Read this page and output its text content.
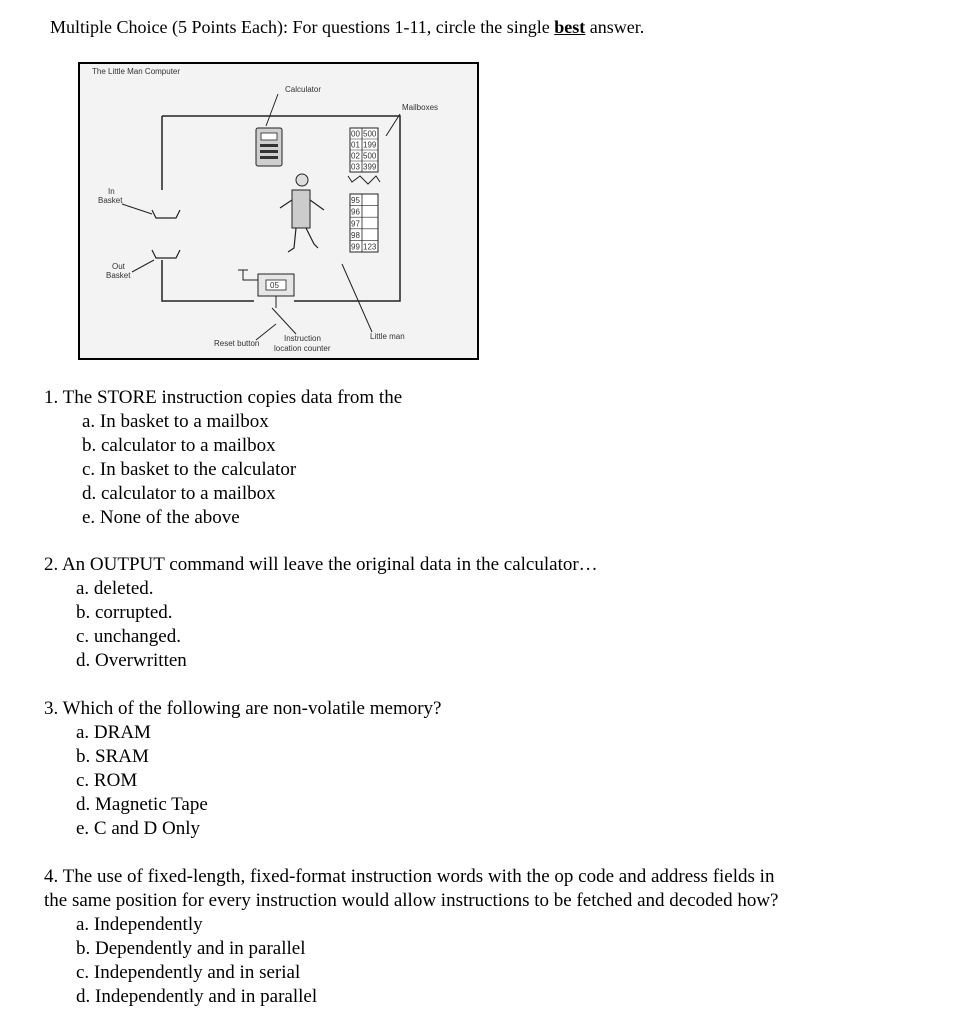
Multiple Choice (5 Points Each): For questions 1-11, circle the single best answer.
The Little Man Computer
Calculator
Mailboxes
In
Basket
Out
Basket
Reset button
Instruction
location counter
Little man
05
00 500
01 199
02 500
03 399
95
96
97
98
99 123
1. The STORE instruction copies data from the
a. In basket to a mailbox
b. calculator to a mailbox
c. In basket to the calculator
d. calculator to a mailbox
e. None of the above
2. An OUTPUT command will leave the original data in the calculator…
a. deleted.
b. corrupted.
c. unchanged.
d. Overwritten
3. Which of the following are non-volatile memory?
a. DRAM
b. SRAM
c. ROM
d. Magnetic Tape
e. C and D Only
4. The use of fixed-length, fixed-format instruction words with the op code and address fields in
the same position for every instruction would allow instructions to be fetched and decoded how?
a. Independently
b. Dependently and in parallel
c. Independently and in serial
d. Independently and in parallel
